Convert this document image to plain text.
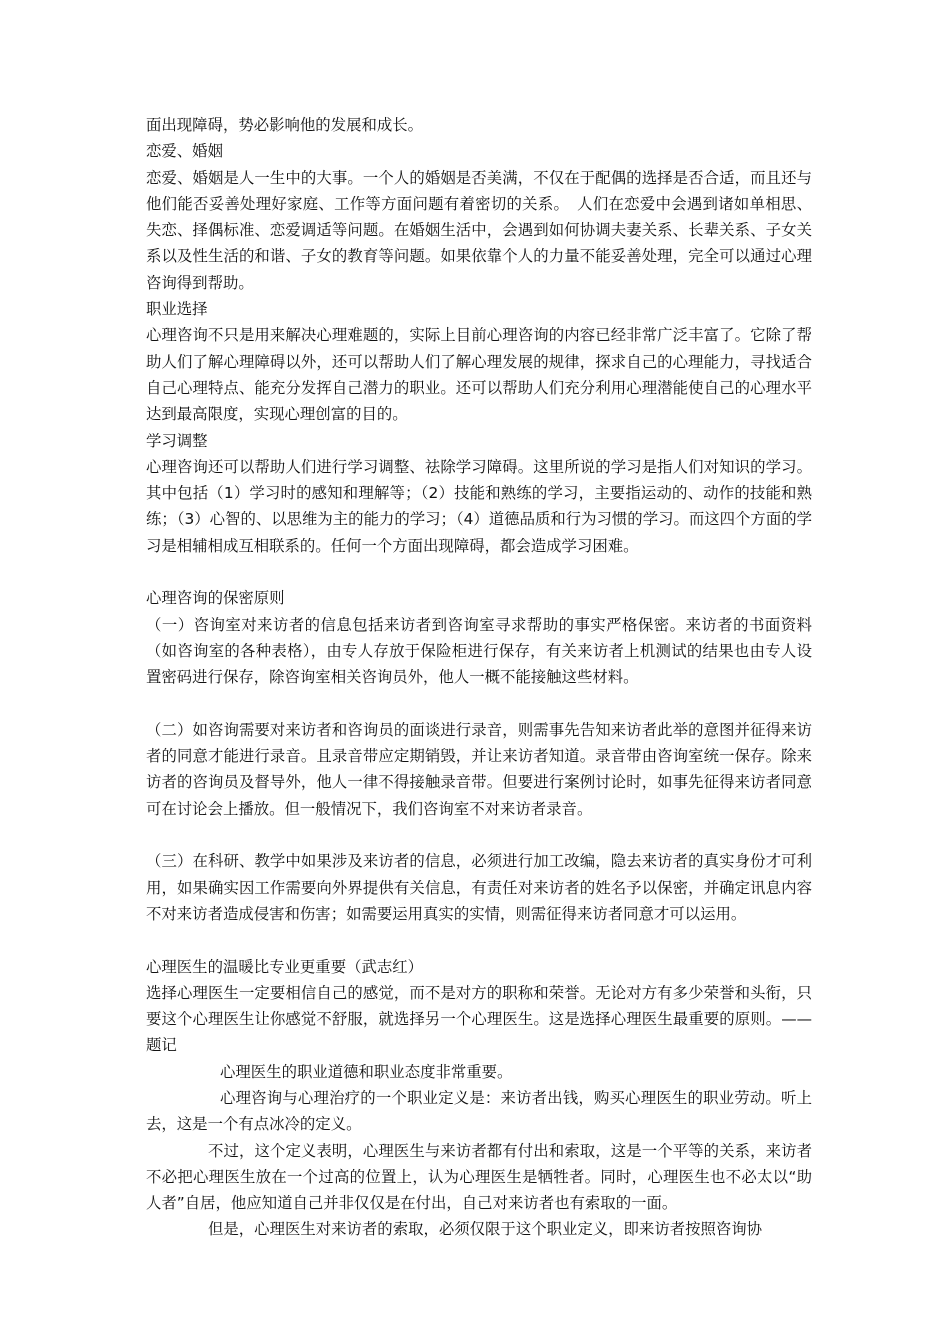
面出现障碍，势必影响他的发展和成长。

恋爱、婚姻

恋爱、婚姻是人一生中的大事。一个人的婚姻是否美满，不仅在于配偶的选择是否合适，而且还与他们能否妥善处理好家庭、工作等方面问题有着密切的关系。　人们在恋爱中会遇到诸如单相思、失恋、择偶标准、恋爱调适等问题。在婚姻生活中，会遇到如何协调夫妻关系、长辈关系、子女关系以及性生活的和谐、子女的教育等问题。如果依靠个人的力量不能妥善处理，完全可以通过心理咨询得到帮助。

职业选择

心理咨询不只是用来解决心理难题的，实际上目前心理咨询的内容已经非常广泛丰富了。它除了帮助人们了解心理障碍以外，还可以帮助人们了解心理发展的规律，探求自己的心理能力，寻找适合自己心理特点、能充分发挥自己潜力的职业。还可以帮助人们充分利用心理潜能使自己的心理水平达到最高限度，实现心理创富的目的。

学习调整

心理咨询还可以帮助人们进行学习调整、祛除学习障碍。这里所说的学习是指人们对知识的学习。其中包括（1）学习时的感知和理解等；（2）技能和熟练的学习，主要指运动的、动作的技能和熟练；（3）心智的、以思维为主的能力的学习；（4）道德品质和行为习惯的学习。而这四个方面的学习是相辅相成互相联系的。任何一个方面出现障碍，都会造成学习困难。

心理咨询的保密原则

（一）咨询室对来访者的信息包括来访者到咨询室寻求帮助的事实严格保密。来访者的书面资料（如咨询室的各种表格），由专人存放于保险柜进行保存，有关来访者上机测试的结果也由专人设置密码进行保存，除咨询室相关咨询员外，他人一概不能接触这些材料。

（二）如咨询需要对来访者和咨询员的面谈进行录音，则需事先告知来访者此举的意图并征得来访者的同意才能进行录音。且录音带应定期销毁，并让来访者知道。录音带由咨询室统一保存。除来访者的咨询员及督导外，他人一律不得接触录音带。但要进行案例讨论时，如事先征得来访者同意可在讨论会上播放。但一般情况下，我们咨询室不对来访者录音。

（三）在科研、教学中如果涉及来访者的信息，必须进行加工改编，隐去来访者的真实身份才可利用，如果确实因工作需要向外界提供有关信息，有责任对来访者的姓名予以保密，并确定讯息内容不对来访者造成侵害和伤害；如需要运用真实的实情，则需征得来访者同意才可以运用。

心理医生的温暖比专业更重要（武志红）

选择心理医生一定要相信自己的感觉，而不是对方的职称和荣誉。无论对方有多少荣誉和头衔，只要这个心理医生让你感觉不舒服，就选择另一个心理医生。这是选择心理医生最重要的原则。——题记

心理医生的职业道德和职业态度非常重要。

心理咨询与心理治疗的一个职业定义是：来访者出钱，购买心理医生的职业劳动。听上去，这是一个有点冰冷的定义。

不过，这个定义表明，心理医生与来访者都有付出和索取，这是一个平等的关系，来访者不必把心理医生放在一个过高的位置上，认为心理医生是牺牲者。同时，心理医生也不必太以“助人者”自居，他应知道自己并非仅仅是在付出，自己对来访者也有索取的一面。

但是，心理医生对来访者的索取，必须仅限于这个职业定义，即来访者按照咨询协
